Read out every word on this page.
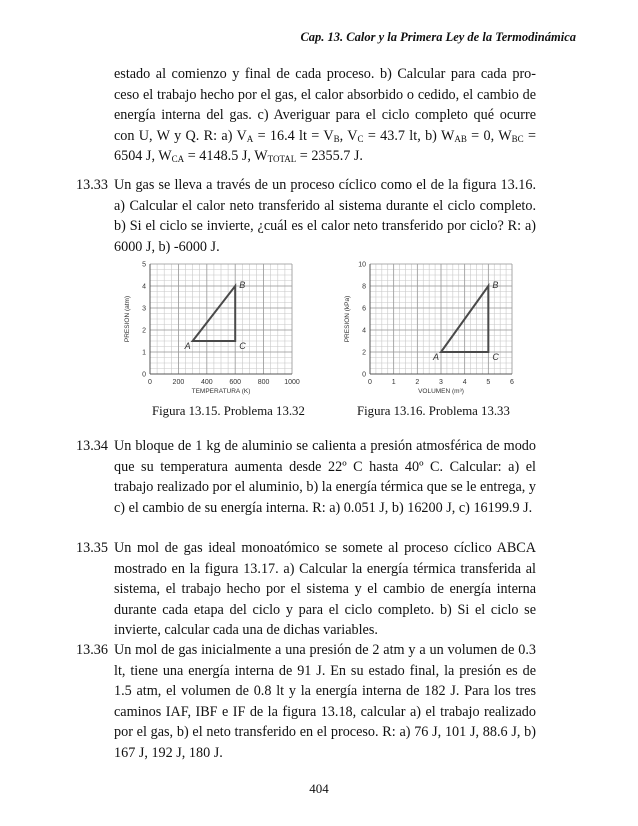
Cap. 13. Calor y la Primera Ley de la Termodinámica
estado al comienzo y final de cada proceso. b) Calcular para cada pro- ceso el trabajo hecho por el gas, el calor absorbido o cedido, el cambio de energía interna del gas. c) Averiguar para el ciclo completo qué ocurre con U, W y Q. R: a) $V_A = 16.4$ lt = $V_B$, $V_C = 43.7$ lt, b) $W_{AB} = 0$, $W_{BC} = 6504$ J, $W_{CA} = 4148.5$ J, $W_{TOTAL} = 2355.7$ J.
13.33 Un gas se lleva a través de un proceso cíclico como el de la figura 13.16. a) Calcular el calor neto transferido al sistema durante el ciclo completo. b) Si el ciclo se invierte, ¿cuál es el calor neto transferido por ciclo? R: a) 6000 J, b) -6000 J.
0	200 400 600 800 1000
0
1
2
3
4
5
TEMPERATURA (K)
PRESION (atm)
A
B
C
0	1	2	3	4	5	6
0
2
4
6
8
10
VOLUMEN (m³)
PRESION (kPa)
A
B
C
Figura 13.15. Problema 13.32	Figura 13.16. Problema 13.33
13.34 Un bloque de 1 kg de aluminio se calienta a presión atmosférica de modo que su temperatura aumenta desde 22º C hasta 40º C. Calcular: a) el trabajo realizado por el aluminio, b) la energía térmica que se le entrega, y c) el cambio de su energía interna. R: a) 0.051 J, b) 16200 J, c) 16199.9 J.
13.35 Un mol de gas ideal monoatómico se somete al proceso cíclico ABCA mostrado en la figura 13.17. a) Calcular la energía térmica transferida al sistema, el trabajo hecho por el sistema y el cambio de energía interna durante cada etapa del ciclo y para el ciclo completo. b) Si el ciclo se invierte, calcular cada una de dichas variables.
13.36 Un mol de gas inicialmente a una presión de 2 atm y a un volumen de 0.3 lt, tiene una energía interna de 91 J. En su estado final, la presión es de 1.5 atm, el volumen de 0.8 lt y la energía interna de 182 J. Para los tres caminos IAF, IBF e IF de la figura 13.18, calcular a) el trabajo realizado por el gas, b) el neto transferido en el proceso. R: a) 76 J, 101 J, 88.6 J, b) 167 J, 192 J, 180 J.
404
